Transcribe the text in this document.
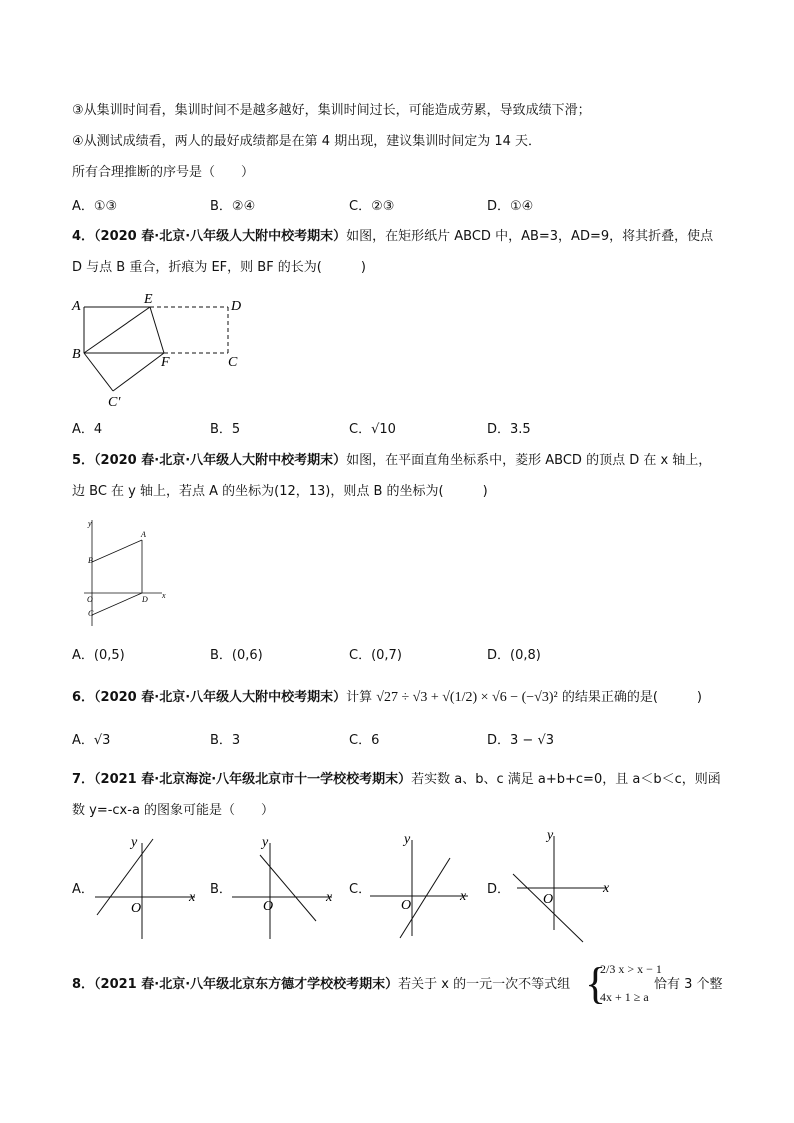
③从集训时间看，集训时间不是越多越好，集训时间过长，可能造成劳累，导致成绩下滑；
④从测试成绩看，两人的最好成绩都是在第 4 期出现，建议集训时间定为 14 天．
所有合理推断的序号是（　　）
A．①③	B．②④	C．②③	D．①④
4．（2020 春·北京·八年级人大附中校考期末）如图，在矩形纸片 ABCD 中，AB=3，AD=9，将其折叠，使点
D 与点 B 重合，折痕为 EF，则 BF 的长为(　　　)
A	E	D
B
F	C
C′
A．4	B．5	C．√10	D．3.5
5．（2020 春·北京·八年级人大附中校考期末）如图，在平面直角坐标系中，菱形 ABCD 的顶点 D 在 x 轴上，
边 BC 在 y 轴上，若点 A 的坐标为(12，13)，则点 B 的坐标为(　　　)
y
A
B
O	D x
C
A．(0,5)	B．(0,6)	C．(0,7)	D．(0,8)
6．（2020 春·北京·八年级人大附中校考期末）计算 √27 ÷ √3 + √(1/2) × √6 − (−√3)² 的结果正确的是(　　　)
A．√3	B．3	C．6	D．3 − √3
7．（2021 春·北京海淀·八年级北京市十一学校校考期末）若实数 a、b、c 满足 a+b+c=0，且 a＜b＜c，则函
数 y=-cx-a 的图象可能是（　　）
A．
y
x
O
B．
y
x
O
C．
y
x
O
D．
y
x
O
8．（2021 春·北京·八年级北京东方德才学校校考期末）若关于 x 的一元一次不等式组 {
2/3 x > x − 1
4x + 1 ≥ a
恰有 3 个整
